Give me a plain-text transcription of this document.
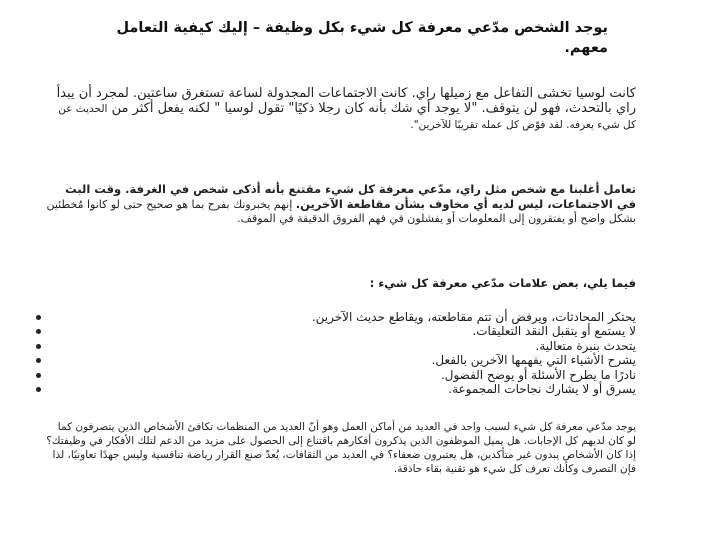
يوجد الشخص مدّعي معرفة كل شيء بكل وظيفة – إليك كيفية التعامل معهم.

كانت لوسيا تخشى التفاعل مع زميلها راي. كانت الاجتماعات المجدولة لساعة تستغرق ساعتين. لمجرد أن يبدأ راي بالتحدث، فهو لن يتوقف. "لا يوجد أي شك بأنه كان رجلا ذكيًا" تقول لوسيا " لكنه يفعل أكثر من الحديث عن كل شيء يعرفه. لقد فوّض كل عمله تقريبًا للآخرين".

تعامل أغلبنا مع شخص مثل راي، مدّعي معرفة كل شيء مقتنع بأنه أذكى شخص في الغرفة. وقت البث في الاجتماعات، ليس لديه أي مخاوف بشأن مقاطعة الآخرين. إنهم يخبرونك بفرح بما هو صحيح حتى لو كانوا مُخطئين بشكل واضح أو يفتقرون إلى المعلومات أو يفشلون في فهم الفروق الدقيقة في الموقف.

فيما يلي، بعض علامات مدّعي معرفة كل شيء :

يحتكر المحادثات، ويرفض أن تتم مقاطعته، ويقاطع حديث الآخرين.
لا يستمع أو يتقبل النقد التعليقات.
يتحدث بنبرة متعالية.
يشرح الأشياء التي يفهمها الآخرين بالفعل.
نادرًا ما يطرح الأسئلة أو يوضح الفضول.
يسرق أو لا يشارك نجاحات المجموعة.

يوجد مدّعي معرفة كل شيء لسبب واحد في العديد من أماكن العمل وهو أنّ العديد من المنظمات تكافئ الأشخاص الذين يتصرفون كما لو كان لديهم كل الإجابات. هل يميل الموظفون الذين يذكرون أفكارهم باقتناع إلى الحصول على مزيد من الدعم لتلك الأفكار في وظيفتك؟ إذا كان الأشخاص يبدون غير متأكدين، هل يعتبرون ضعفاء؟ في العديد من الثقافات، يُعدّ صنع القرار رياضة تنافسية وليس جهدًا تعاونيًا، لذا فإن التصرف وكأنك تعرف كل شيء هو تقنية بقاء حاذقة.
